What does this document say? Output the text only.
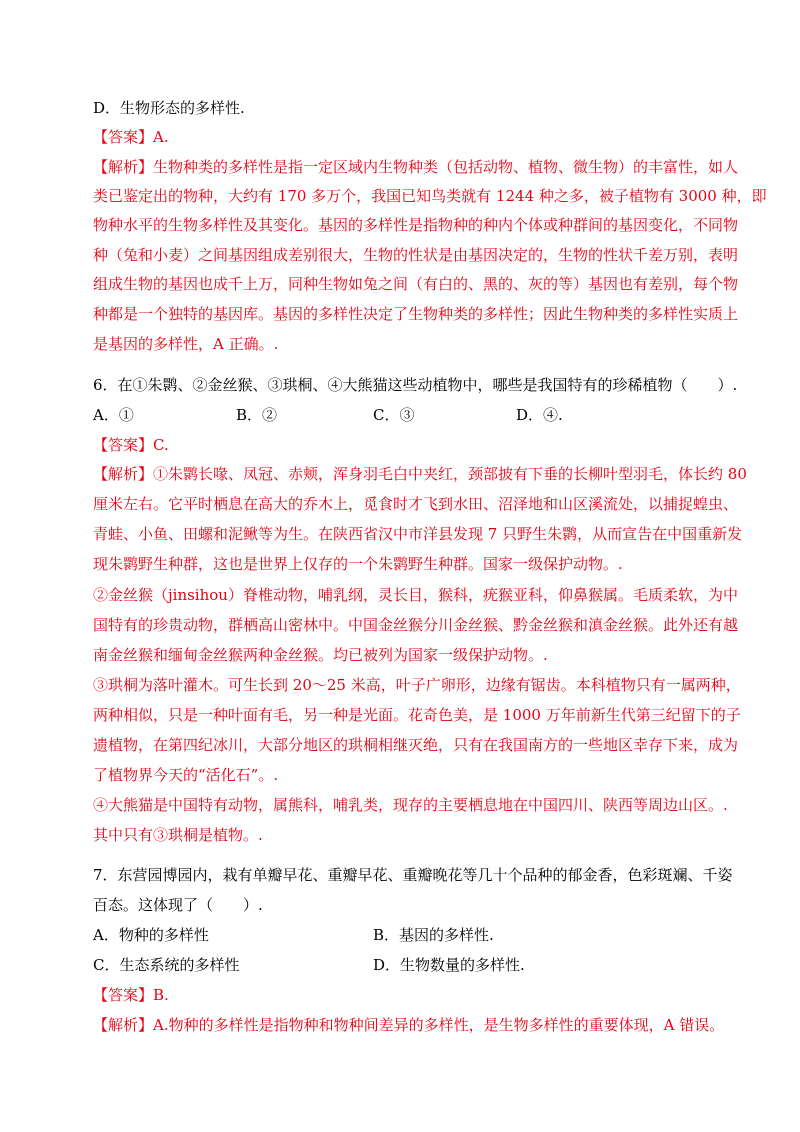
D．生物形态的多样性.
【答案】A.
【解析】生物种类的多样性是指一定区域内生物种类（包括动物、植物、微生物）的丰富性，如人
类已鉴定出的物种，大约有 170 多万个，我国已知鸟类就有 1244 种之多，被子植物有 3000 种，即
物种水平的生物多样性及其变化。基因的多样性是指物种的种内个体或种群间的基因变化，不同物
种（兔和小麦）之间基因组成差别很大，生物的性状是由基因决定的，生物的性状千差万别，表明
组成生物的基因也成千上万，同种生物如兔之间（有白的、黑的、灰的等）基因也有差别，每个物
种都是一个独特的基因库。基因的多样性决定了生物种类的多样性；因此生物种类的多样性实质上
是基因的多样性，A 正确。.
6．在①朱鹮、②金丝猴、③珙桐、④大熊猫这些动植物中，哪些是我国特有的珍稀植物（　　）.
A．①	B．②	C．③	D．④.
【答案】C.
【解析】①朱鹮长喙、凤冠、赤颊，浑身羽毛白中夹红，颈部披有下垂的长柳叶型羽毛，体长约 80
厘米左右。它平时栖息在高大的乔木上，觅食时才飞到水田、沼泽地和山区溪流处，以捕捉蝗虫、
青蛙、小鱼、田螺和泥鳅等为生。在陕西省汉中市洋县发现 7 只野生朱鹮，从而宣告在中国重新发
现朱鹮野生种群，这也是世界上仅存的一个朱鹮野生种群。国家一级保护动物。.
②金丝猴（jinsihou）脊椎动物，哺乳纲，灵长目，猴科，疣猴亚科，仰鼻猴属。毛质柔软，为中
国特有的珍贵动物，群栖高山密林中。中国金丝猴分川金丝猴、黔金丝猴和滇金丝猴。此外还有越
南金丝猴和缅甸金丝猴两种金丝猴。均已被列为国家一级保护动物。.
③珙桐为落叶灌木。可生长到 20～25 米高，叶子广卵形，边缘有锯齿。本科植物只有一属两种，
两种相似，只是一种叶面有毛，另一种是光面。花奇色美，是 1000 万年前新生代第三纪留下的子
遗植物，在第四纪冰川，大部分地区的珙桐相继灭绝，只有在我国南方的一些地区幸存下来，成为
了植物界今天的“活化石”。.
④大熊猫是中国特有动物，属熊科，哺乳类，现存的主要栖息地在中国四川、陕西等周边山区。.
其中只有③珙桐是植物。.
7．东营园博园内，栽有单瓣早花、重瓣早花、重瓣晚花等几十个品种的郁金香，色彩斑斓、千姿
百态。这体现了（　　）.
A．物种的多样性	B．基因的多样性.
C．生态系统的多样性	D．生物数量的多样性.
【答案】B.
【解析】A.物种的多样性是指物种和物种间差异的多样性，是生物多样性的重要体现，A 错误。
